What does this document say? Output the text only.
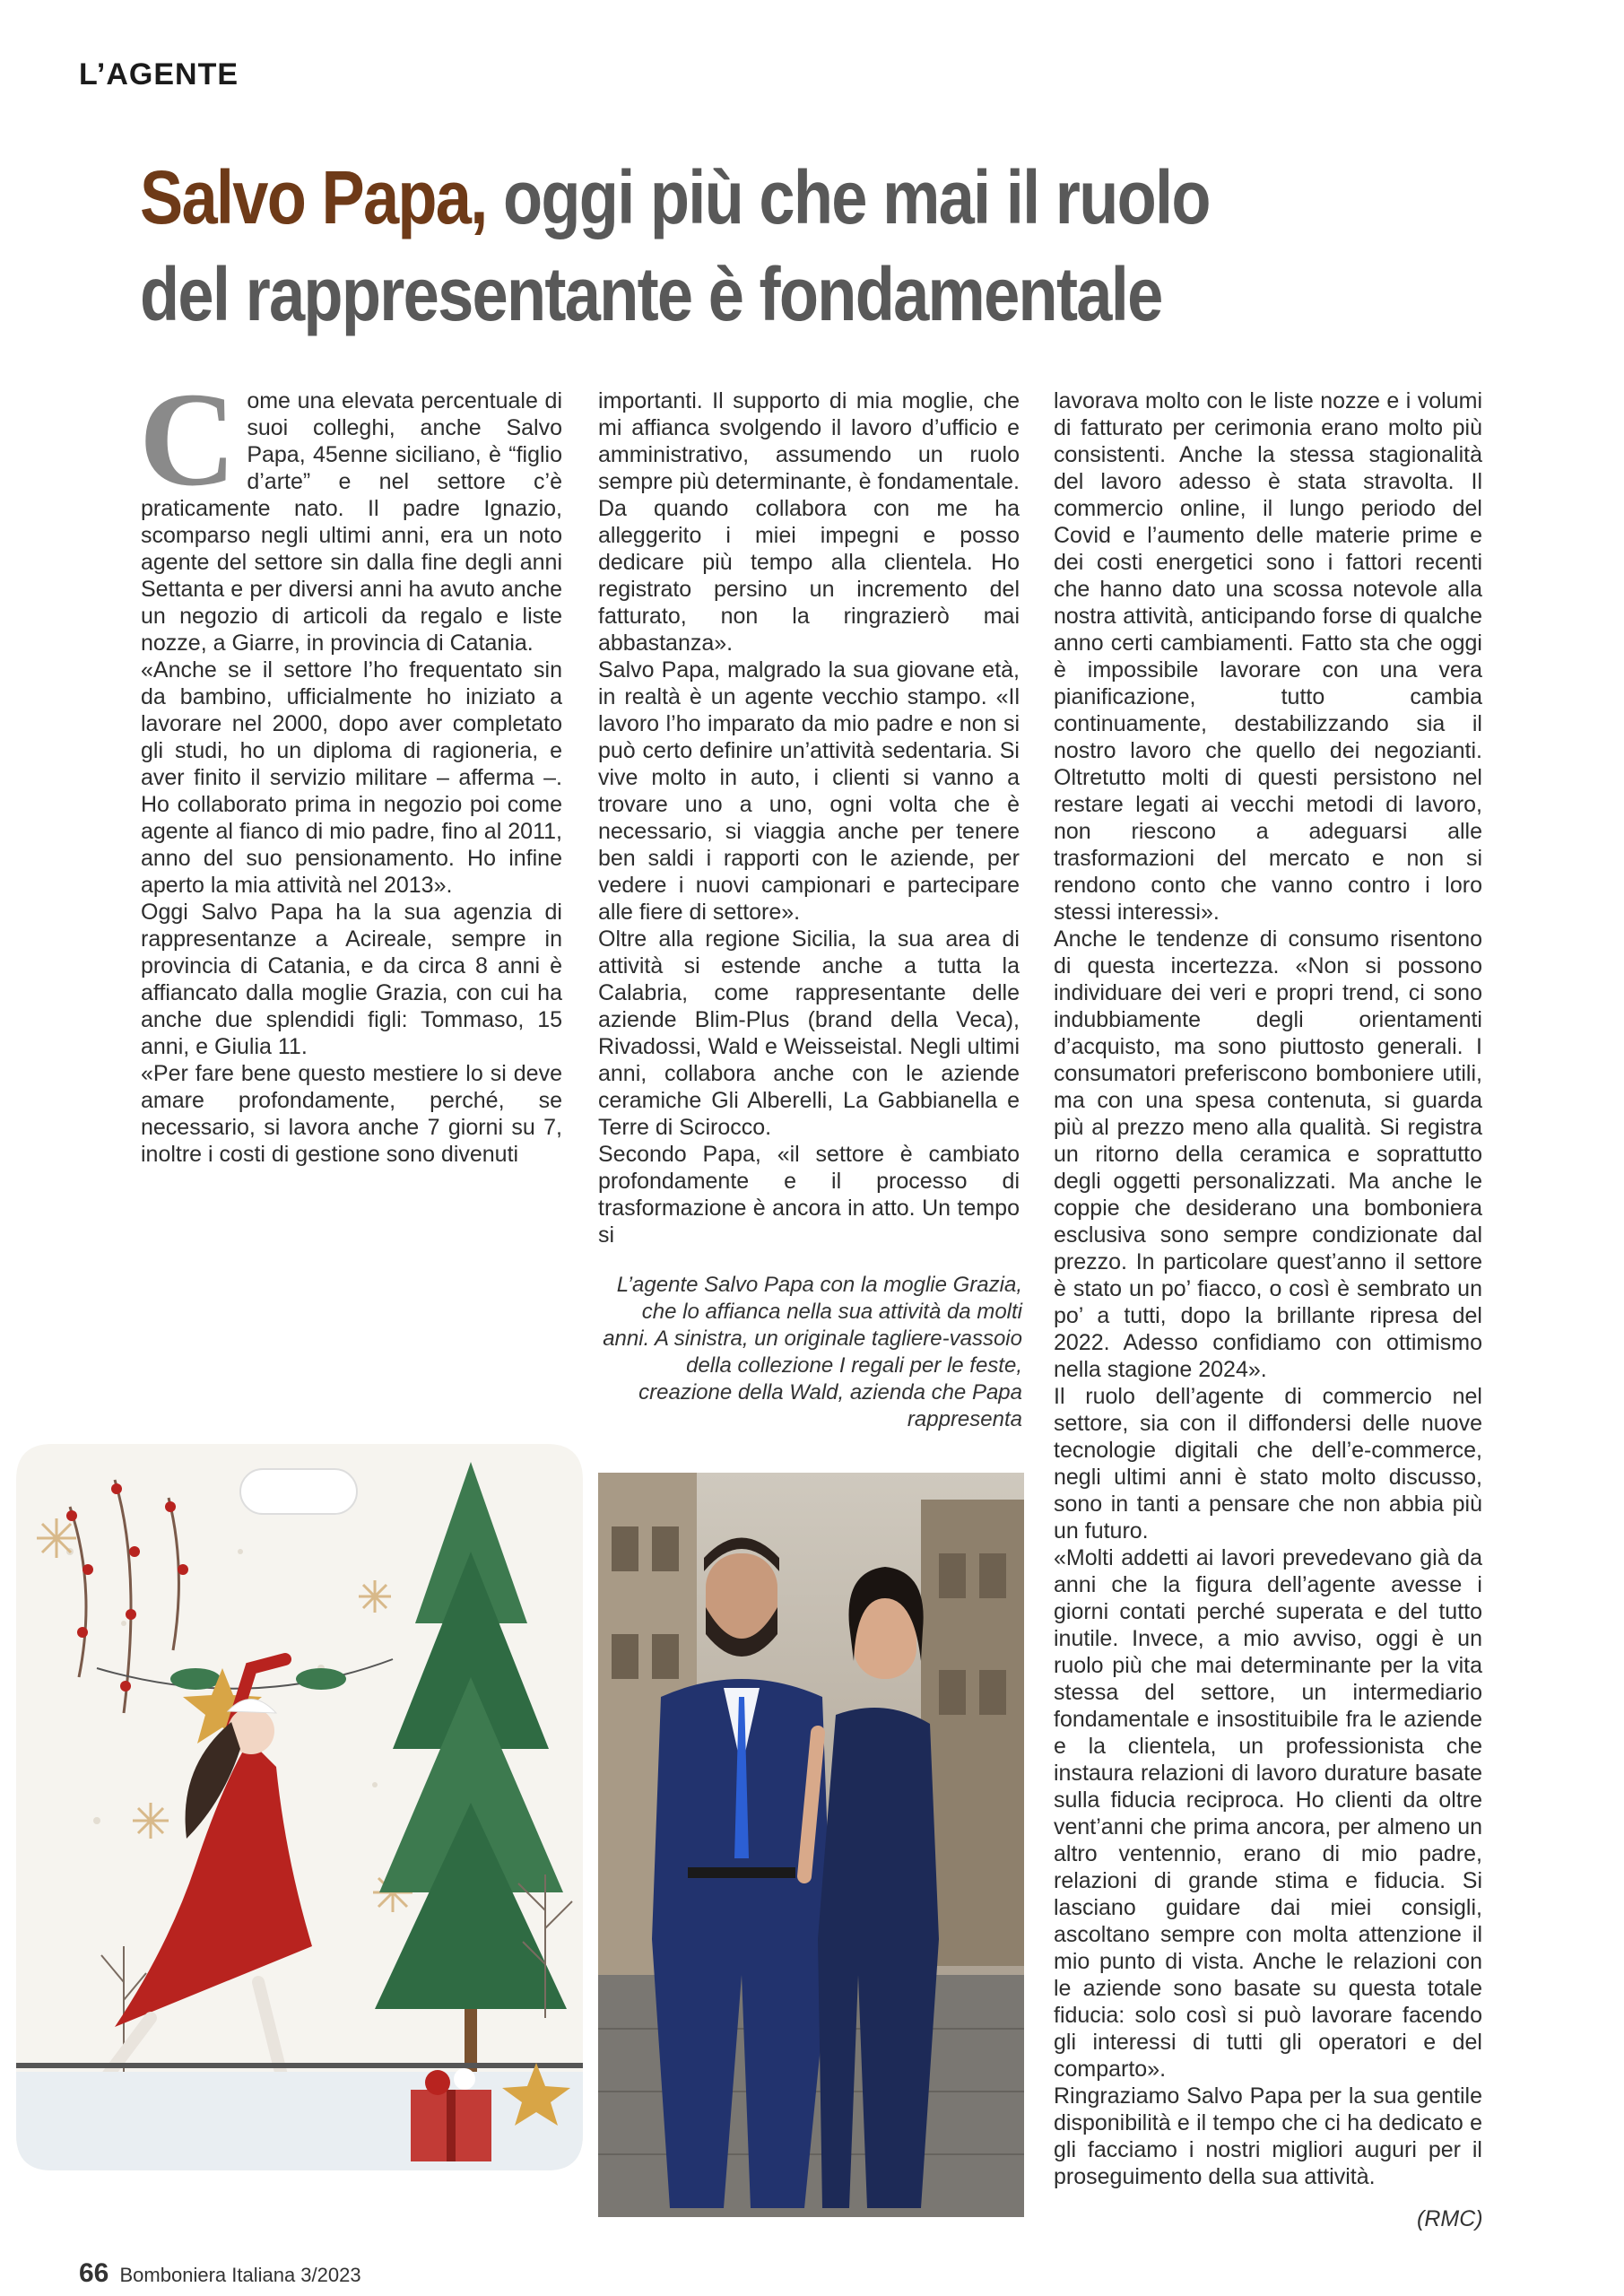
L’AGENTE
Salvo Papa, oggi più che mai il ruolo
del rappresentante è fondamentale
C ome una elevata percentuale di suoi colleghi, anche Salvo Papa, 45enne siciliano, è “figlio d’arte” e nel settore c’è praticamente nato. Il padre Ignazio, scomparso negli ultimi anni, era un noto agente del settore sin dalla fine degli anni Settanta e per diversi anni ha avuto anche un negozio di articoli da regalo e liste nozze, a Giarre, in provincia di Catania.

«Anche se il settore l’ho frequentato sin da bambino, ufficialmente ho iniziato a lavorare nel 2000, dopo aver completato gli studi, ho un diploma di ragioneria, e aver finito il servizio militare – afferma –. Ho collaborato prima in negozio poi come agente al fianco di mio padre, fino al 2011, anno del suo pensionamento. Ho infine aperto la mia attività nel 2013».

Oggi Salvo Papa ha la sua agenzia di rappresentanze a Acireale, sempre in provincia di Catania, e da circa 8 anni è affiancato dalla moglie Grazia, con cui ha anche due splendidi figli: Tommaso, 15 anni, e Giulia 11.

«Per fare bene questo mestiere lo si deve amare profondamente, perché, se necessario, si lavora anche 7 giorni su 7, inoltre i costi di gestione sono divenuti

importanti. Il supporto di mia moglie, che mi affianca svolgendo il lavoro d’ufficio e amministrativo, assumendo un ruolo sempre più determinante, è fondamentale. Da quando collabora con me ha alleggerito i miei impegni e posso dedicare più tempo alla clientela. Ho registrato persino un incremento del fatturato, non la ringrazierò mai abbastanza».

Salvo Papa, malgrado la sua giovane età, in realtà è un agente vecchio stampo. «Il lavoro l’ho imparato da mio padre e non si può certo definire un’attività sedentaria. Si vive molto in auto, i clienti si vanno a trovare uno a uno, ogni volta che è necessario, si viaggia anche per tenere ben saldi i rapporti con le aziende, per vedere i nuovi campionari e partecipare alle fiere di settore».

Oltre alla regione Sicilia, la sua area di attività si estende anche a tutta la Calabria, come rappresentante delle aziende Blim-Plus (brand della Veca), Rivadossi, Wald e Weisseistal. Negli ultimi anni, collabora anche con le aziende ceramiche Gli Alberelli, La Gabbianella e Terre di Scirocco.

Secondo Papa, «il settore è cambiato profondamente e il processo di trasformazione è ancora in atto. Un tempo si

lavorava molto con le liste nozze e i volumi di fatturato per cerimonia erano molto più consistenti. Anche la stessa stagionalità del lavoro adesso è stata stravolta. Il commercio online, il lungo periodo del Covid e l’aumento delle materie prime e dei costi energetici sono i fattori recenti che hanno dato una scossa notevole alla nostra attività, anticipando forse di qualche anno certi cambiamenti. Fatto sta che oggi è impossibile lavorare con una vera pianificazione, tutto cambia continuamente, destabilizzando sia il nostro lavoro che quello dei negozianti. Oltretutto molti di questi persistono nel restare legati ai vecchi metodi di lavoro, non riescono a adeguarsi alle trasformazioni del mercato e non si rendono conto che vanno contro i loro stessi interessi».

Anche le tendenze di consumo risentono di questa incertezza. «Non si possono individuare dei veri e propri trend, ci sono indubbiamente degli orientamenti d’acquisto, ma sono piuttosto generali. I consumatori preferiscono bomboniere utili, ma con una spesa contenuta, si guarda più al prezzo meno alla qualità. Si registra un ritorno della ceramica e soprattutto degli oggetti personalizzati. Ma anche le coppie che desiderano una bomboniera esclusiva sono sempre condizionate dal prezzo. In particolare quest’anno il settore è stato un po’ fiacco, o così è sembrato un po’ a tutti, dopo la brillante ripresa del 2022. Adesso confidiamo con ottimismo nella stagione 2024».

Il ruolo dell’agente di commercio nel settore, sia con il diffondersi delle nuove tecnologie digitali che dell’e-commerce, negli ultimi anni è stato molto discusso, sono in tanti a pensare che non abbia più un futuro.

«Molti addetti ai lavori prevedevano già da anni che la figura dell’agente avesse i giorni contati perché superata e del tutto inutile. Invece, a mio avviso, oggi è un ruolo più che mai determinante per la vita stessa del settore, un intermediario fondamentale e insostituibile fra le aziende e la clientela, un professionista che instaura relazioni di lavoro durature basate sulla fiducia reciproca. Ho clienti da oltre vent’anni che prima ancora, per almeno un altro ventennio, erano di mio padre, relazioni di grande stima e fiducia. Si lasciano guidare dai miei consigli, ascoltano sempre con molta attenzione il mio punto di vista. Anche le relazioni con le aziende sono basate su questa totale fiducia: solo così si può lavorare facendo gli interessi di tutti gli operatori e del comparto».

Ringraziamo Salvo Papa per la sua gentile disponibilità e il tempo che ci ha dedicato e gli facciamo i nostri migliori auguri per il proseguimento della sua attività.

L’agente Salvo Papa con la moglie Grazia, che lo affianca nella sua attività da molti anni. A sinistra, un originale tagliere-vassoio della collezione I regali per le feste, creazione della Wald, azienda che Papa rappresenta
(RMC)
66 Bomboniera Italiana 3/2023
